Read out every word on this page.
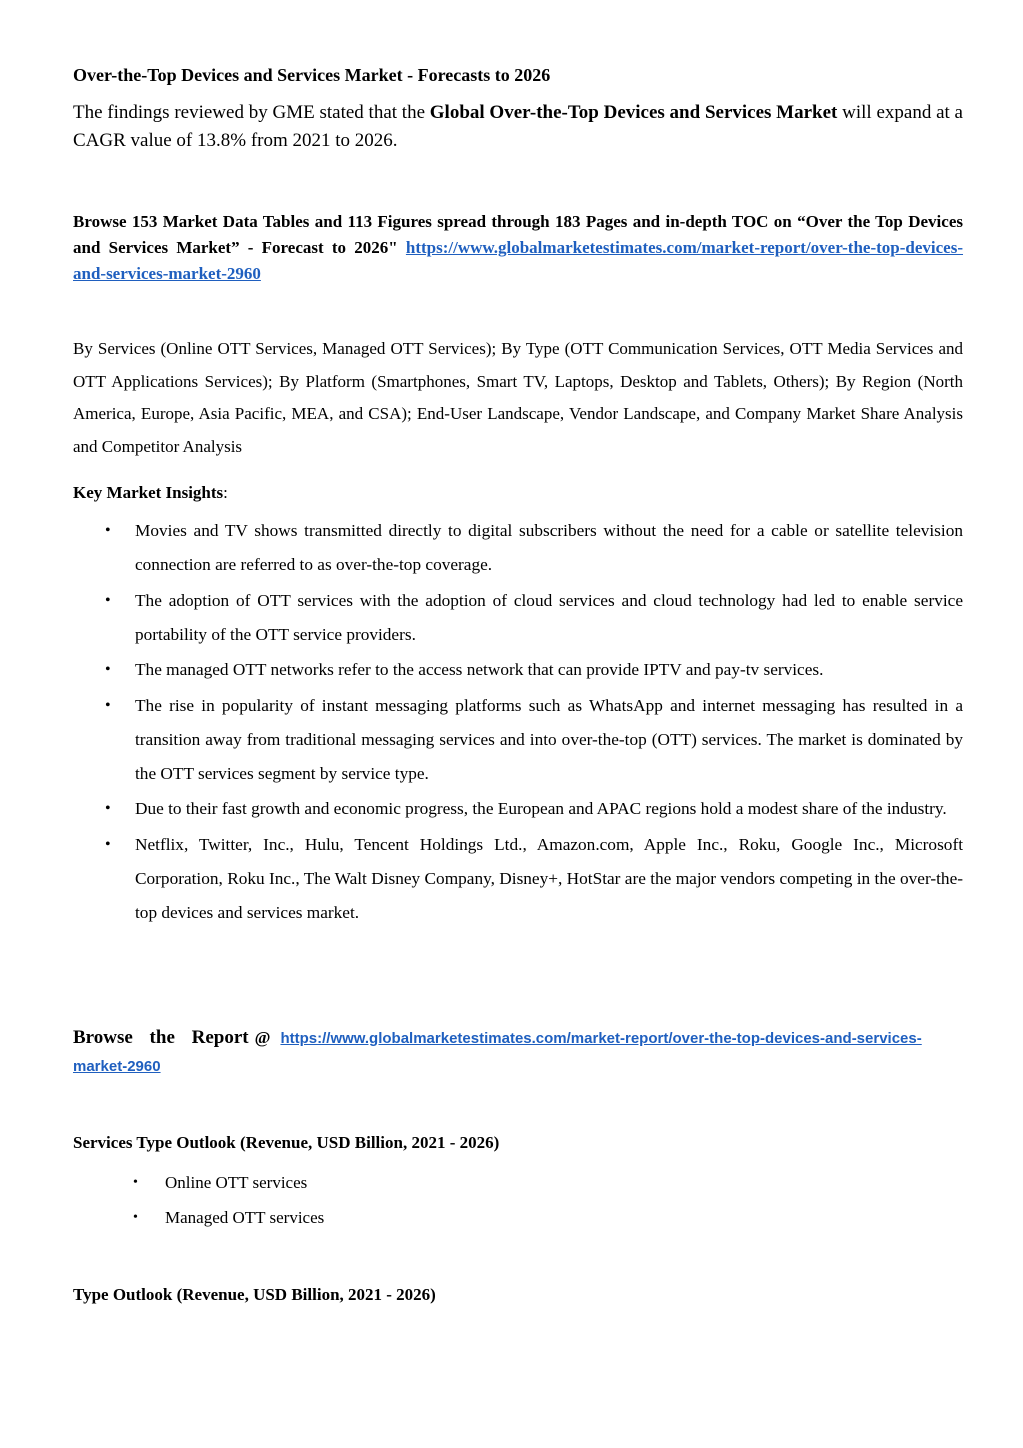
Over-the-Top Devices and Services Market - Forecasts to 2026

The findings reviewed by GME stated that the Global Over-the-Top Devices and Services Market will expand at a CAGR value of 13.8% from 2021 to 2026.

Browse 153 Market Data Tables and 113 Figures spread through 183 Pages and in-depth TOC on “Over the Top Devices and Services Market” - Forecast to 2026" https://www.globalmarketestimates.com/market-report/over-the-top-devices-and-services-market-2960

By Services (Online OTT Services, Managed OTT Services); By Type (OTT Communication Services, OTT Media Services and OTT Applications Services); By Platform (Smartphones, Smart TV, Laptops, Desktop and Tablets, Others); By Region (North America, Europe, Asia Pacific, MEA, and CSA); End-User Landscape, Vendor Landscape, and Company Market Share Analysis and Competitor Analysis

Key Market Insights:
• Movies and TV shows transmitted directly to digital subscribers without the need for a cable or satellite television connection are referred to as over-the-top coverage.
• The adoption of OTT services with the adoption of cloud services and cloud technology had led to enable service portability of the OTT service providers.
• The managed OTT networks refer to the access network that can provide IPTV and pay-tv services.
• The rise in popularity of instant messaging platforms such as WhatsApp and internet messaging has resulted in a transition away from traditional messaging services and into over-the-top (OTT) services. The market is dominated by the OTT services segment by service type.
• Due to their fast growth and economic progress, the European and APAC regions hold a modest share of the industry.
• Netflix, Twitter, Inc., Hulu, Tencent Holdings Ltd., Amazon.com, Apple Inc., Roku, Google Inc., Microsoft Corporation, Roku Inc., The Walt Disney Company, Disney+, HotStar are the major vendors competing in the over-the-top devices and services market.
Browse the Report @ https://www.globalmarketestimates.com/market-report/over-the-top-devices-and-services-market-2960
Services Type Outlook (Revenue, USD Billion, 2021 - 2026)
• Online OTT services
• Managed OTT services
Type Outlook (Revenue, USD Billion, 2021 - 2026)
